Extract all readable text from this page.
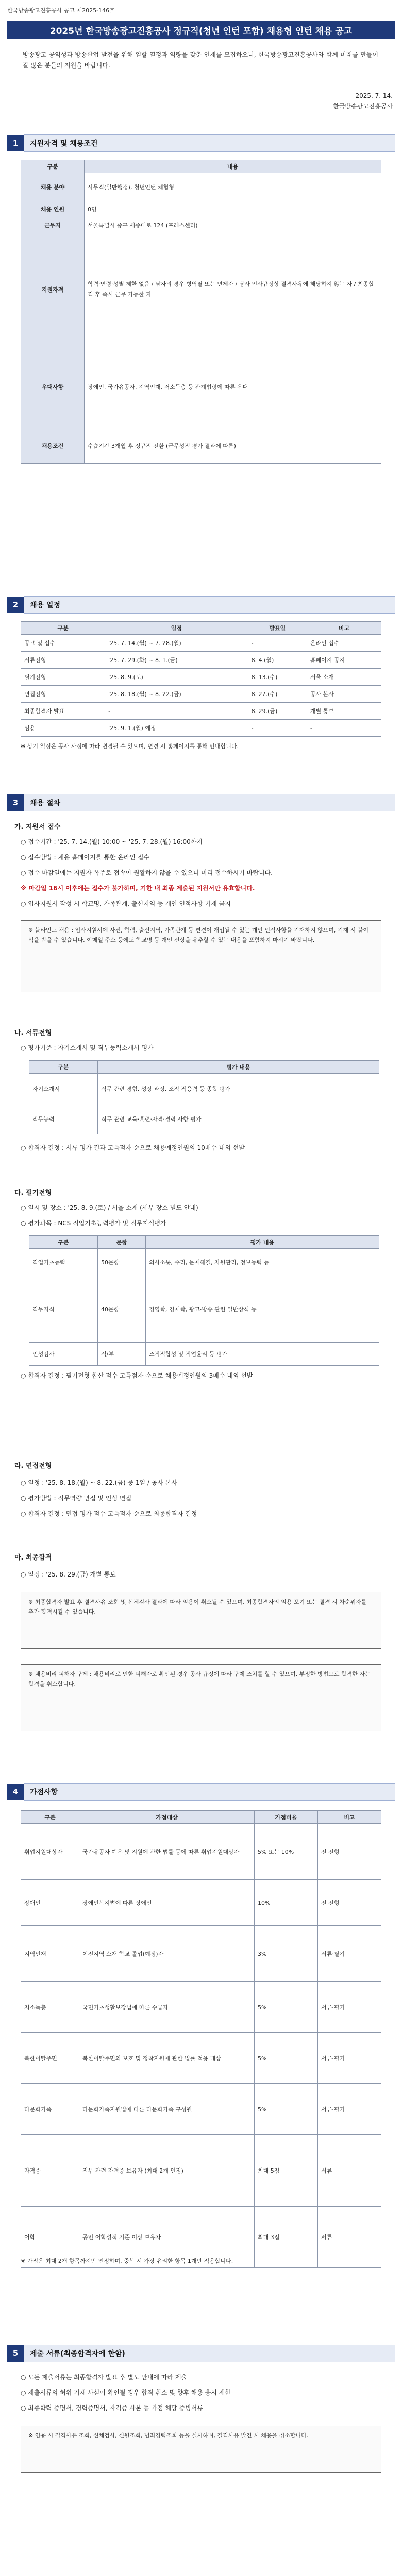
한국방송광고진흥공사 공고 제2025-146호
2025년 한국방송광고진흥공사 정규직(청년 인턴 포함) 채용형 인턴 채용 공고
방송광고 공익성과 방송산업 발전을 위해 일할 열정과 역량을 갖춘 인재를 모집하오니, 한국방송광고진흥공사와 함께 미래를 만들어 갈 많은 분들의 지원을 바랍니다.
2025. 7. 14.
한국방송광고진흥공사
1	지원자격 및 채용조건
구분	내용
채용 분야	사무직(일반행정), 청년인턴 체험형
채용 인원	0명
근무지	서울특별시 중구 세종대로 124 (프레스센터)
지원자격	학력·연령·성별 제한 없음 / 남자의 경우 병역필 또는 면제자 / 당사 인사규정상 결격사유에 해당하지 않는 자 / 최종합격 후 즉시 근무 가능한 자
우대사항	장애인, 국가유공자, 지역인재, 저소득층 등 관계법령에 따른 우대
채용조건	수습기간 3개월 후 정규직 전환 (근무성적 평가 결과에 따름)
2	채용 일정
구분	일정	발표일	비고
공고 및 접수	'25. 7. 14.(월) ~ 7. 28.(월)	-	온라인 접수
서류전형	'25. 7. 29.(화) ~ 8. 1.(금)	8. 4.(월)	홈페이지 공지
필기전형	'25. 8. 9.(토)	8. 13.(수)	서울 소재
면접전형	'25. 8. 18.(월) ~ 8. 22.(금)	8. 27.(수)	공사 본사
최종합격자 발표	-	8. 29.(금)	개별 통보
임용	'25. 9. 1.(월) 예정	-	-
※ 상기 일정은 공사 사정에 따라 변경될 수 있으며, 변경 시 홈페이지를 통해 안내합니다.
3	채용 절차
가. 지원서 접수
○ 접수기간 : '25. 7. 14.(월) 10:00 ~ '25. 7. 28.(월) 16:00까지
○ 접수방법 : 채용 홈페이지를 통한 온라인 접수
○ 접수 마감일에는 지원자 폭주로 접속이 원활하지 않을 수 있으니 미리 접수하시기 바랍니다.
※ 마감일 16시 이후에는 접수가 불가하며, 기한 내 최종 제출된 지원서만 유효합니다.
○ 입사지원서 작성 시 학교명, 가족관계, 출신지역 등 개인 인적사항 기재 금지
※ 블라인드 채용 : 입사지원서에 사진, 학력, 출신지역, 가족관계 등 편견이 개입될 수 있는 개인 인적사항을 기재하지 않으며, 기재 시 불이익을 받을 수 있습니다. 이메일 주소 등에도 학교명 등 개인 신상을 유추할 수 있는 내용을 포함하지 마시기 바랍니다.
나. 서류전형
○ 평가기준 : 자기소개서 및 직무능력소개서 평가
구분	평가 내용
자기소개서	직무 관련 경험, 성장 과정, 조직 적응력 등 종합 평가
직무능력	직무 관련 교육·훈련·자격·경력 사항 평가
○ 합격자 결정 : 서류 평가 결과 고득점자 순으로 채용예정인원의 10배수 내외 선발
다. 필기전형
○ 일시 및 장소 : '25. 8. 9.(토) / 서울 소재 (세부 장소 별도 안내)
○ 평가과목 : NCS 직업기초능력평가 및 직무지식평가
구분	문항	평가 내용
직업기초능력	50문항	의사소통, 수리, 문제해결, 자원관리, 정보능력 등
직무지식	40문항	경영학, 경제학, 광고·방송 관련 일반상식 등
인성검사	적/부	조직적합성 및 직업윤리 등 평가
○ 합격자 결정 : 필기전형 합산 점수 고득점자 순으로 채용예정인원의 3배수 내외 선발
라. 면접전형
○ 일정 : '25. 8. 18.(월) ~ 8. 22.(금) 중 1일 / 공사 본사
○ 평가방법 : 직무역량 면접 및 인성 면접
○ 합격자 결정 : 면접 평가 점수 고득점자 순으로 최종합격자 결정
마. 최종합격
○ 일정 : '25. 8. 29.(금) 개별 통보
※ 최종합격자 발표 후 결격사유 조회 및 신체검사 결과에 따라 임용이 취소될 수 있으며, 최종합격자의 임용 포기 또는 결격 시 차순위자를 추가 합격시킬 수 있습니다.
※ 채용비리 피해자 구제 : 채용비리로 인한 피해자로 확인된 경우 공사 규정에 따라 구제 조치를 할 수 있으며, 부정한 방법으로 합격한 자는 합격을 취소합니다.
4	가점사항
구분	가점대상	가점비율	비고
취업지원대상자	국가유공자 예우 및 지원에 관한 법률 등에 따른 취업지원대상자	5% 또는 10%	전 전형
장애인	장애인복지법에 따른 장애인	10%	전 전형
지역인재	이전지역 소재 학교 졸업(예정)자	3%	서류·필기
저소득층	국민기초생활보장법에 따른 수급자	5%	서류·필기
북한이탈주민	북한이탈주민의 보호 및 정착지원에 관한 법률 적용 대상	5%	서류·필기
다문화가족	다문화가족지원법에 따른 다문화가족 구성원	5%	서류·필기
자격증	직무 관련 자격증 보유자 (최대 2개 인정)	최대 5점	서류
어학	공인 어학성적 기준 이상 보유자	최대 3점	서류
※ 가점은 최대 2개 항목까지만 인정하며, 중복 시 가장 유리한 항목 1개만 적용합니다.
5	제출 서류(최종합격자에 한함)
○ 모든 제출서류는 최종합격자 발표 후 별도 안내에 따라 제출
○ 제출서류의 허위 기재 사실이 확인될 경우 합격 취소 및 향후 채용 응시 제한
○ 최종학력 증명서, 경력증명서, 자격증 사본 등 가점 해당 증빙서류
※ 임용 시 결격사유 조회, 신체검사, 신원조회, 범죄경력조회 등을 실시하며, 결격사유 발견 시 채용을 취소합니다.
